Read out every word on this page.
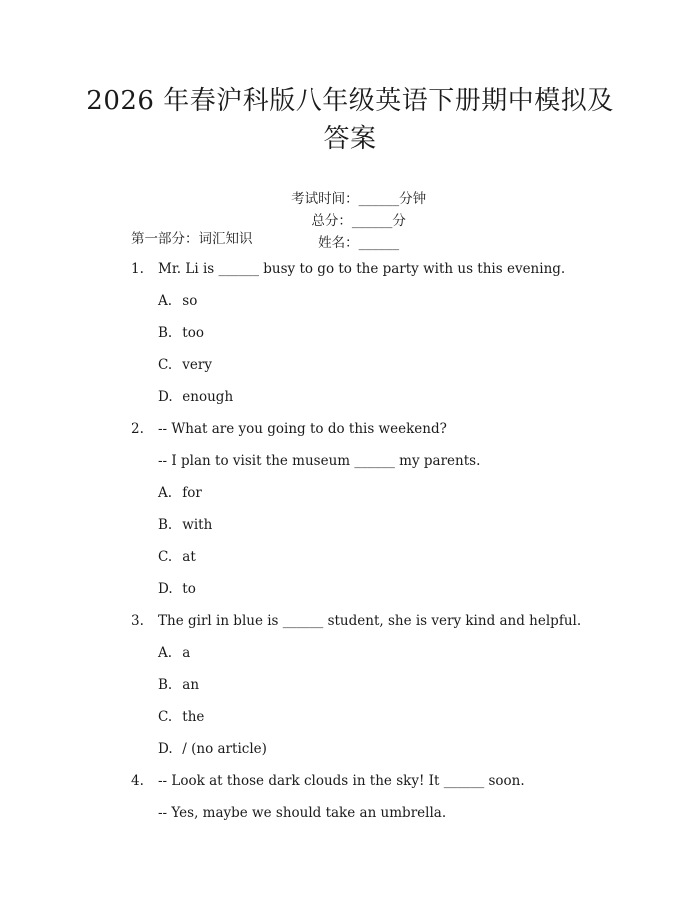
2026 年春沪科版八年级英语下册期中模拟及
答案

考试时间：______分钟
总分：______分
姓名：______

第一部分：词汇知识
1. Mr. Li is ______ busy to go to the party with us this evening.
A. so
B. too
C. very
D. enough
2. -- What are you going to do this weekend?
-- I plan to visit the museum ______ my parents.
A. for
B. with
C. at
D. to
3. The girl in blue is ______ student, she is very kind and helpful.
A. a
B. an
C. the
D. / (no article)
4. -- Look at those dark clouds in the sky! It ______ soon.
-- Yes, maybe we should take an umbrella.
